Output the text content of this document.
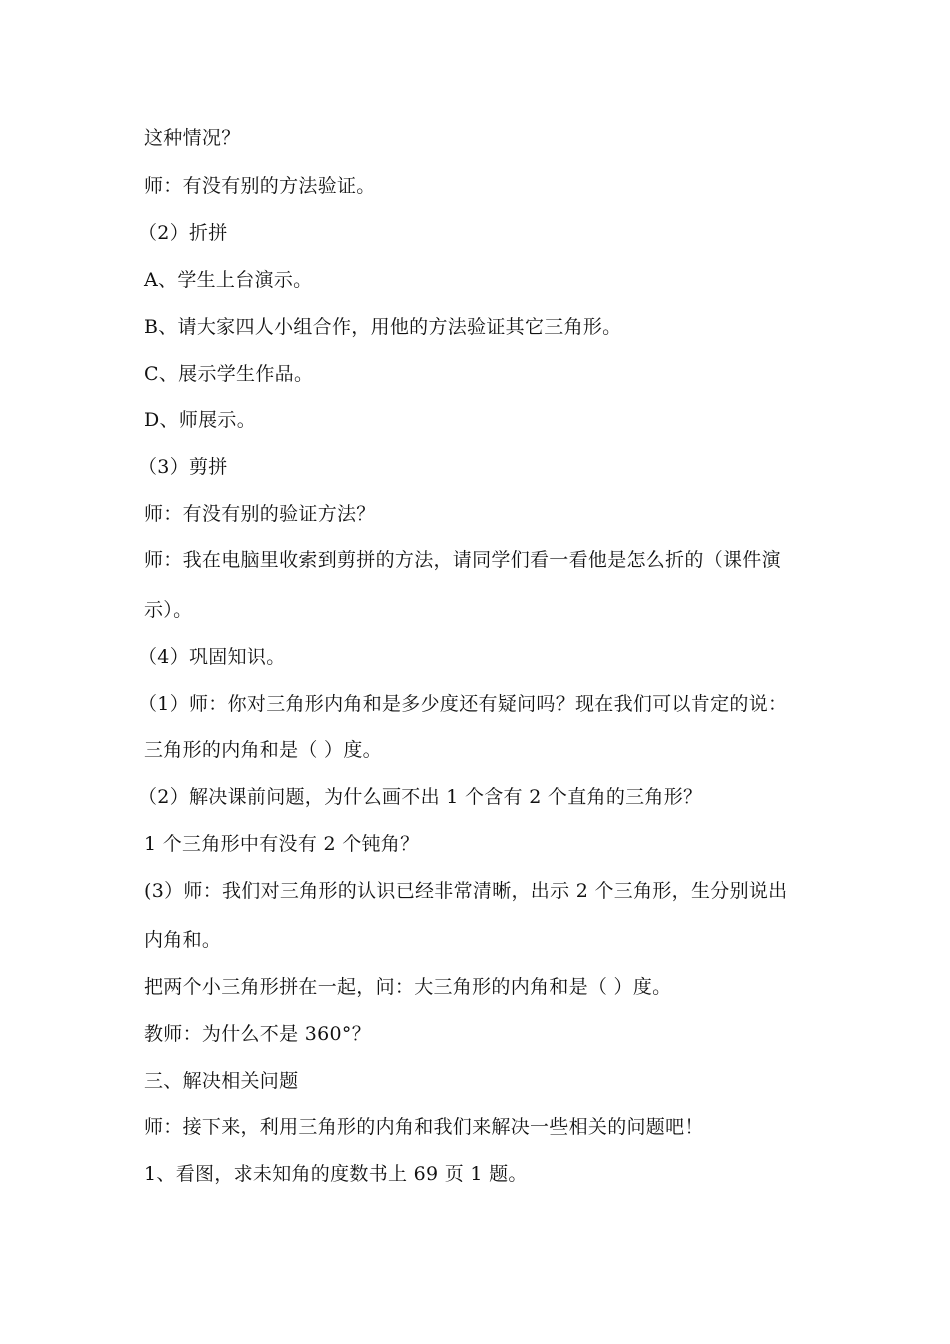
这种情况？
师：有没有别的方法验证。
（2）折拼
A、学生上台演示。
B、请大家四人小组合作，用他的方法验证其它三角形。
C、展示学生作品。
D、师展示。
（3）剪拼
师：有没有别的验证方法？
师：我在电脑里收索到剪拼的方法，请同学们看一看他是怎么折的（课件演
示）。
（4）巩固知识。
（1）师：你对三角形内角和是多少度还有疑问吗？现在我们可以肯定的说：
三角形的内角和是（ ）度。
（2）解决课前问题，为什么画不出 1 个含有 2 个直角的三角形？
1 个三角形中有没有 2 个钝角？
(3）师：我们对三角形的认识已经非常清晰，出示 2 个三角形，生分别说出
内角和。
把两个小三角形拼在一起，问：大三角形的内角和是（ ）度。
教师：为什么不是 360°？
三、解决相关问题
师：接下来，利用三角形的内角和我们来解决一些相关的问题吧！
1、看图，求未知角的度数书上 69 页 1 题。
